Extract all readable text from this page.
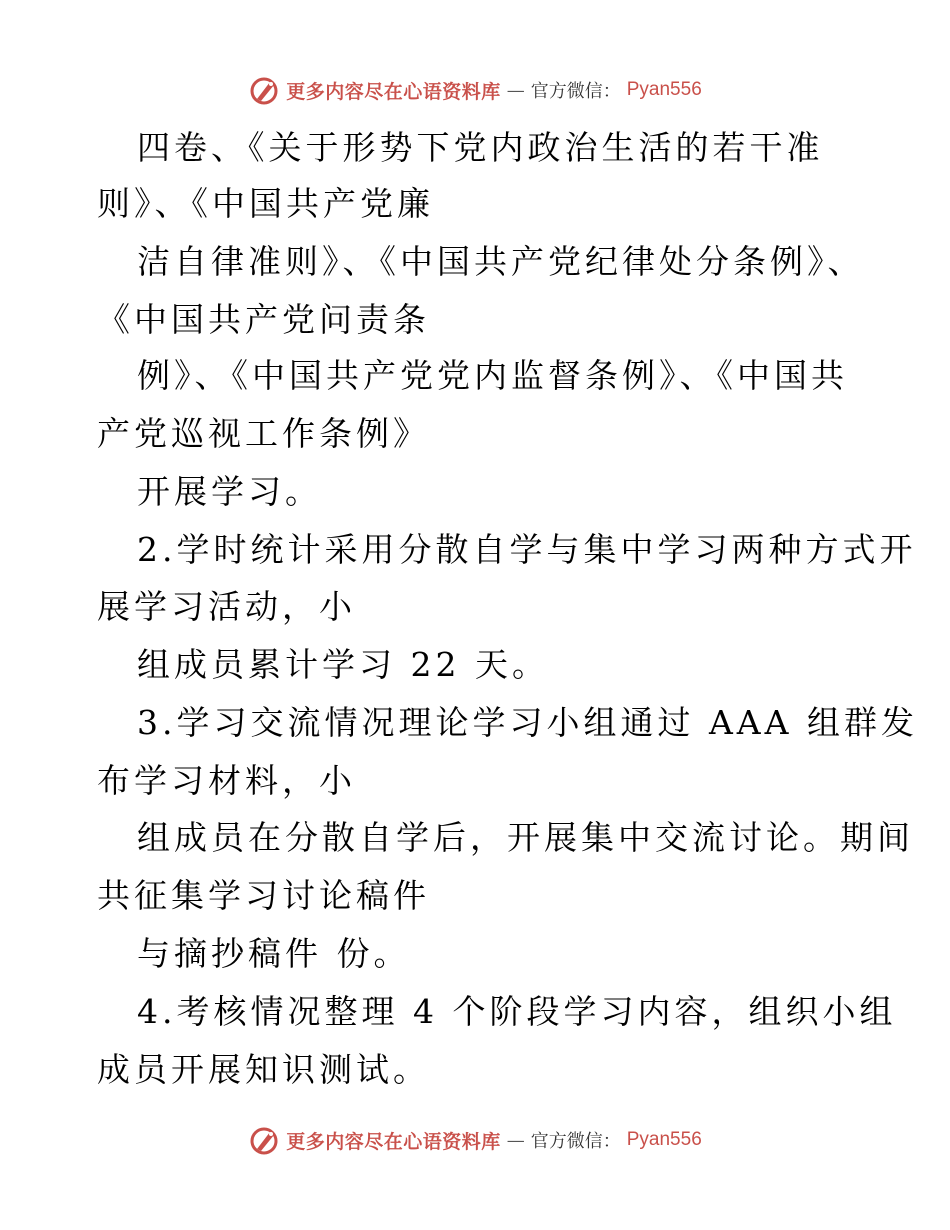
更多内容尽在心语资料库 — 官方微信： Pyan556
四卷、《关于形势下党内政治生活的若干准
则》、《中国共产党廉
洁自律准则》、《中国共产党纪律处分条例》、
《中国共产党问责条
例》、《中国共产党党内监督条例》、《中国共
产党巡视工作条例》
开展学习。
2.学时统计采用分散自学与集中学习两种方式开
展学习活动，小
组成员累计学习 22 天。
3.学习交流情况理论学习小组通过 AAA 组群发
布学习材料，小
组成员在分散自学后，开展集中交流讨论。期间
共征集学习讨论稿件
与摘抄稿件 份。
4.考核情况整理 4 个阶段学习内容，组织小组
成员开展知识测试。
更多内容尽在心语资料库 — 官方微信： Pyan556
